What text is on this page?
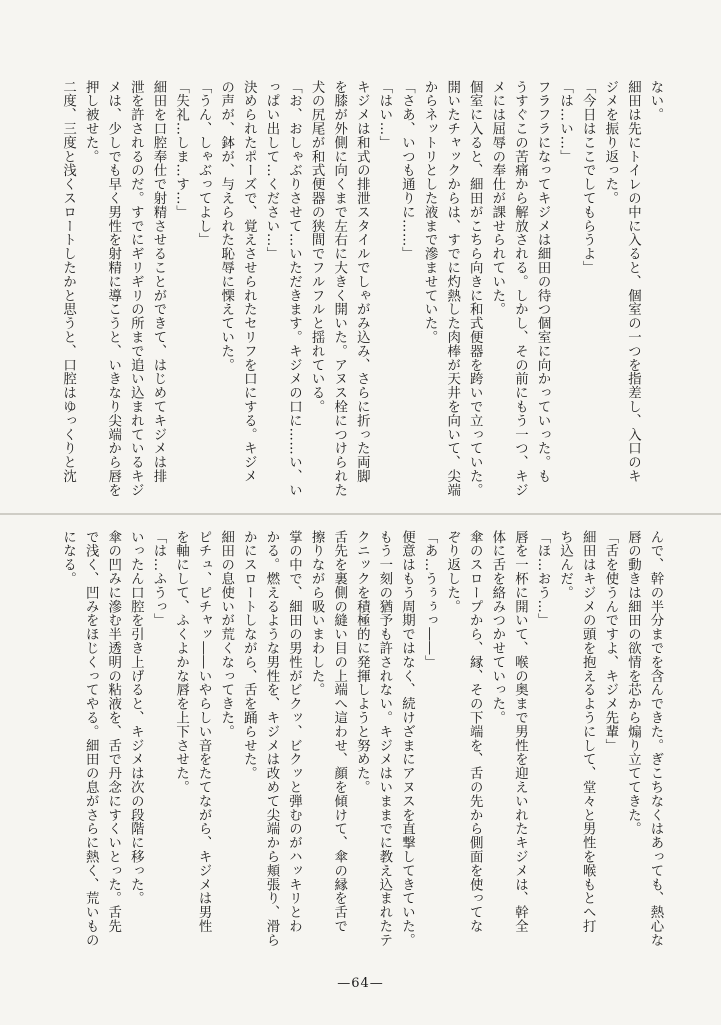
ない。
細田は先にトイレの中に入ると、個室の一つを指差し、入口のキ
ジメを振り返った。
「今日はここでしてもらうよ」
「は…い…」
フラフラになってキジメは細田の待つ個室に向かっていった。も
うすぐこの苦痛から解放される。しかし、その前にもう一つ、キジ
メには屈辱の奉仕が課せられていた。
個室に入ると、細田がこちら向きに和式便器を跨いで立っていた。
開いたチャックからは、すでに灼熱した肉棒が天井を向いて、尖端
からネットリとした液まで滲ませていた。
「さあ、いつも通りに……」
「はい…」
キジメは和式の排泄スタイルでしゃがみ込み、さらに折った両脚
を膝が外側に向くまで左右に大きく開いた。アヌス栓につけられた
犬の尻尾が和式便器の狭間でフルフルと揺れている。
「お、おしゃぶりさせて…いただきます。キジメの口に……い、い
っぱい出して…ください…」
決められたポーズで、覚えさせられたセリフを口にする。キジメ
の声が、鉢が、与えられた恥辱に慄えていた。
「うん、しゃぶってよし」
「失礼…しま…す…」
細田を口腔奉仕で射精させることができて、はじめてキジメは排
泄を許されるのだ。すでにギリギリの所まで追い込まれているキジ
メは、少しでも早く男性を射精に導こうと、いきなり尖端から唇を
押し被せた。
二度、三度と浅くスロートしたかと思うと、口腔はゆっくりと沈
んで、幹の半分までを含んできた。ぎこちなくはあっても、熱心な
唇の動きは細田の欲情を芯から煽り立ててきた。
「舌を使うんですよ、キジメ先輩」
細田はキジメの頭を抱えるようにして、堂々と男性を喉もとへ打
ち込んだ。
「ほ…おう…」
唇を一杯に開いて、喉の奥まで男性を迎えいれたキジメは、幹全
体に舌を絡みつかせていった。
傘のスロープから、縁、その下端を、舌の先から側面を使ってな
ぞり返した。
「あ…うぅぅっ――」
便意はもう周期ではなく、続けざまにアヌスを直撃してきていた。
もう一刻の猶予も許されない。キジメはいままでに教え込まれたテ
クニックを積極的に発揮しようと努めた。
舌先を裏側の縫い目の上端へ這わせ、顔を傾けて、傘の縁を舌で
擦りながら吸いまわした。
掌の中で、細田の男性がビクッ、ビクッと弾むのがハッキリとわ
かる。燃えるような男性を、キジメは改めて尖端から頬張り、滑ら
かにスロートしながら、舌を踊らせた。
細田の息使いが荒くなってきた。
ピチュ、ピチャッ――いやらしい音をたてながら、キジメは男性
を軸にして、ふくよかな唇を上下させた。
「は…ふうっ」
いったん口腔を引き上げると、キジメは次の段階に移った。
傘の凹みに滲む半透明の粘液を、舌で丹念にすくいとった。舌先
で浅く、凹みをほじくってやる。細田の息がさらに熱く、荒いもの
になる。
—64—
